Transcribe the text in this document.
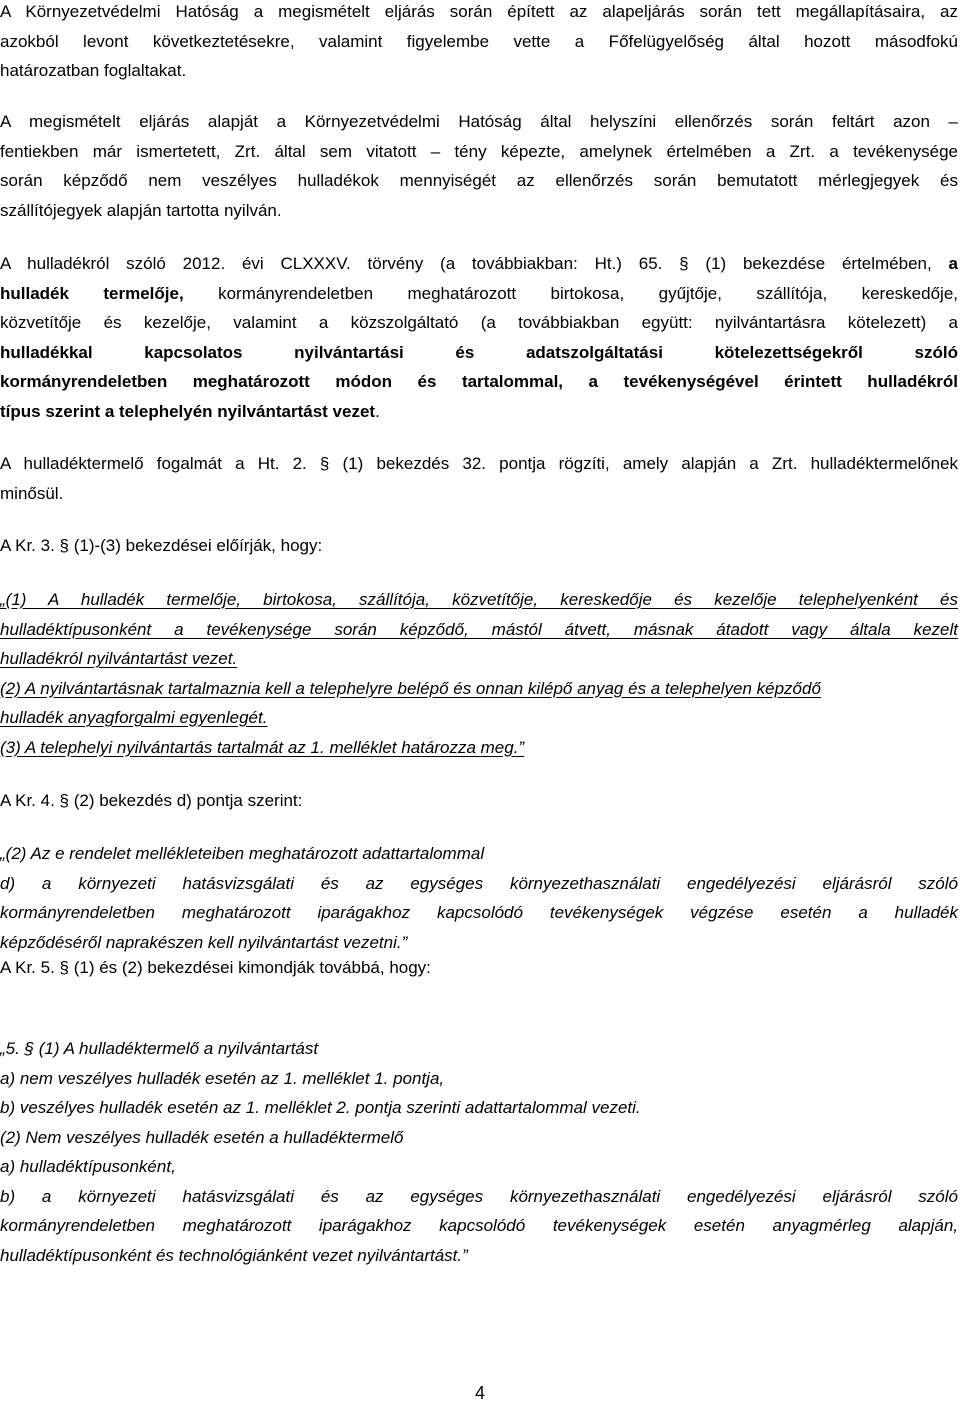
A Környezetvédelmi Hatóság a megismételt eljárás során épített az alapeljárás során tett megállapításaira, az
azokból levont következtetésekre, valamint figyelembe vette a Főfelügyelőség által hozott másodfokú
határozatban foglaltakat.
A megismételt eljárás alapját a Környezetvédelmi Hatóság által helyszíni ellenőrzés során feltárt azon –
fentiekben már ismertetett, Zrt. által sem vitatott – tény képezte, amelynek értelmében a Zrt. a tevékenysége
során képződő nem veszélyes hulladékok mennyiségét az ellenőrzés során bemutatott mérlegjegyek és
szállítójegyek alapján tartotta nyilván.
A hulladékról szóló 2012. évi CLXXXV. törvény (a továbbiakban: Ht.) 65. § (1) bekezdése értelmében, a
hulladék termelője, kormányrendeletben meghatározott birtokosa, gyűjtője, szállítója, kereskedője,
közvetítője és kezelője, valamint a közszolgáltató (a továbbiakban együtt: nyilvántartásra kötelezett) a
hulladékkal kapcsolatos nyilvántartási és adatszolgáltatási kötelezettségekről szóló
kormányrendeletben meghatározott módon és tartalommal, a tevékenységével érintett hulladékról
típus szerint a telephelyén nyilvántartást vezet.
A hulladéktermelő fogalmát a Ht. 2. § (1) bekezdés 32. pontja rögzíti, amely alapján a Zrt. hulladéktermelőnek
minősül.
A Kr. 3. § (1)-(3) bekezdései előírják, hogy:
„(1) A hulladék termelője, birtokosa, szállítója, közvetítője, kereskedője és kezelője telephelyenként és
hulladéktípusonként a tevékenysége során képződő, mástól átvett, másnak átadott vagy általa kezelt
hulladékról nyilvántartást vezet.
(2) A nyilvántartásnak tartalmaznia kell a telephelyre belépő és onnan kilépő anyag és a telephelyen képződő
hulladék anyagforgalmi egyenlegét.
(3) A telephelyi nyilvántartás tartalmát az 1. melléklet határozza meg.”
A Kr. 4. § (2) bekezdés d) pontja szerint:
„(2) Az e rendelet mellékleteiben meghatározott adattartalommal
d) a környezeti hatásvizsgálati és az egységes környezethasználati engedélyezési eljárásról szóló
kormányrendeletben meghatározott iparágakhoz kapcsolódó tevékenységek végzése esetén a hulladék
képződéséről naprakészen kell nyilvántartást vezetni.”
A Kr. 5. § (1) és (2) bekezdései kimondják továbbá, hogy:
„5. § (1) A hulladéktermelő a nyilvántartást
a) nem veszélyes hulladék esetén az 1. melléklet 1. pontja,
b) veszélyes hulladék esetén az 1. melléklet 2. pontja szerinti adattartalommal vezeti.
(2) Nem veszélyes hulladék esetén a hulladéktermelő
a) hulladéktípusonként,
b) a környezeti hatásvizsgálati és az egységes környezethasználati engedélyezési eljárásról szóló
kormányrendeletben meghatározott iparágakhoz kapcsolódó tevékenységek esetén anyagmérleg alapján,
hulladéktípusonként és technológiánként vezet nyilvántartást.”
4
